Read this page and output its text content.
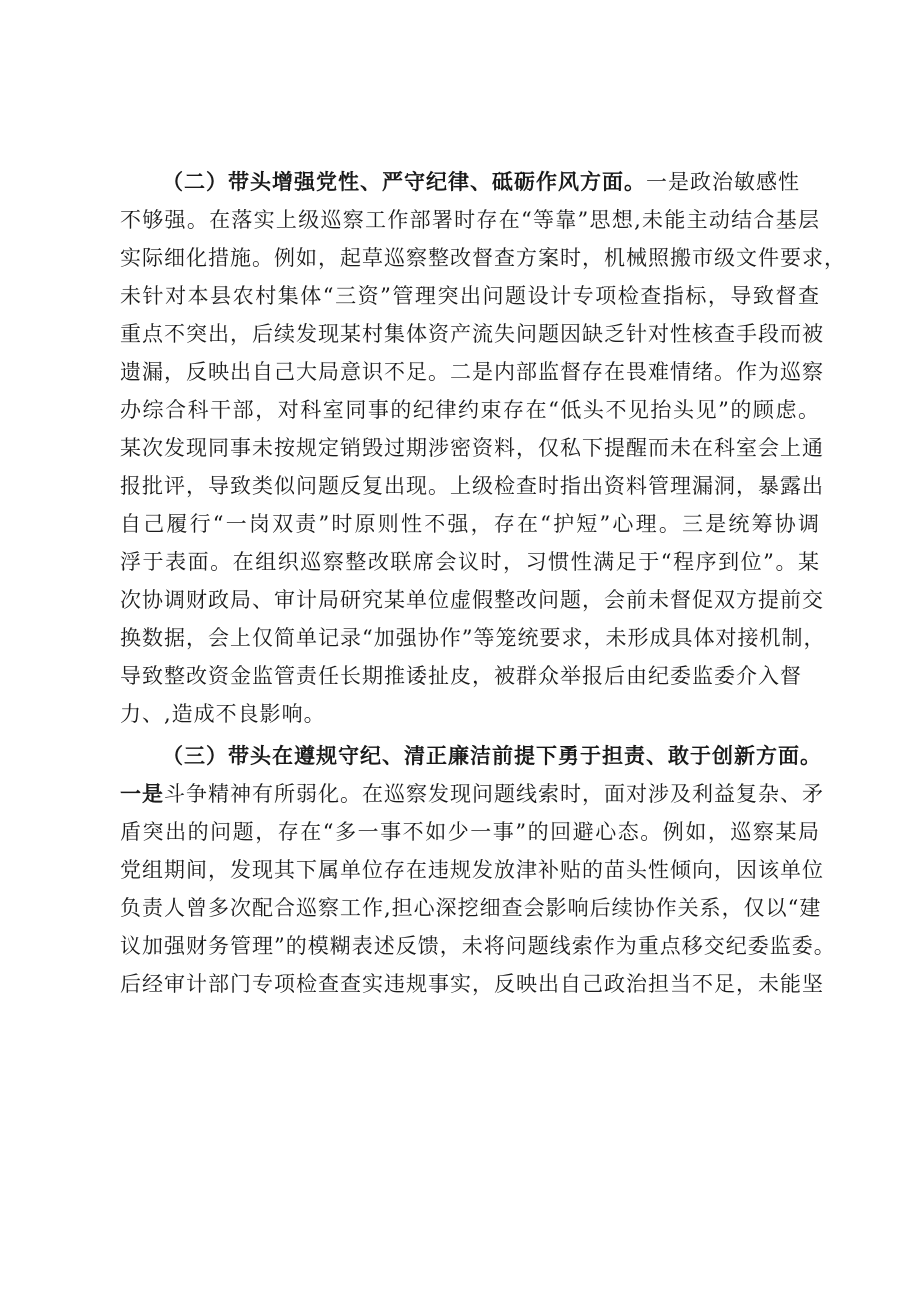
（二）带头增强党性、严守纪律、砥砺作风方面。一是政治敏感性
不够强。在落实上级巡察工作部署时存在“等靠”思想,未能主动结合基层
实际细化措施。例如，起草巡察整改督查方案时，机械照搬市级文件要求，
未针对本县农村集体“三资”管理突出问题设计专项检查指标，导致督查
重点不突出，后续发现某村集体资产流失问题因缺乏针对性核查手段而被
遗漏，反映出自己大局意识不足。二是内部监督存在畏难情绪。作为巡察
办综合科干部，对科室同事的纪律约束存在“低头不见抬头见”的顾虑。
某次发现同事未按规定销毁过期涉密资料，仅私下提醒而未在科室会上通
报批评，导致类似问题反复出现。上级检查时指出资料管理漏洞，暴露出
自己履行“一岗双责”时原则性不强，存在“护短”心理。三是统筹协调
浮于表面。在组织巡察整改联席会议时，习惯性满足于“程序到位”。某
次协调财政局、审计局研究某单位虚假整改问题，会前未督促双方提前交
换数据，会上仅简单记录“加强协作”等笼统要求，未形成具体对接机制，
导致整改资金监管责任长期推诿扯皮，被群众举报后由纪委监委介入督
力、,造成不良影响。
（三）带头在遵规守纪、清正廉洁前提下勇于担责、敢于创新方面。
一是斗争精神有所弱化。在巡察发现问题线索时，面对涉及利益复杂、矛
盾突出的问题，存在“多一事不如少一事”的回避心态。例如，巡察某局
党组期间，发现其下属单位存在违规发放津补贴的苗头性倾向，因该单位
负责人曾多次配合巡察工作,担心深挖细查会影响后续协作关系，仅以“建
议加强财务管理”的模糊表述反馈，未将问题线索作为重点移交纪委监委。
后经审计部门专项检查查实违规事实，反映出自己政治担当不足，未能坚
